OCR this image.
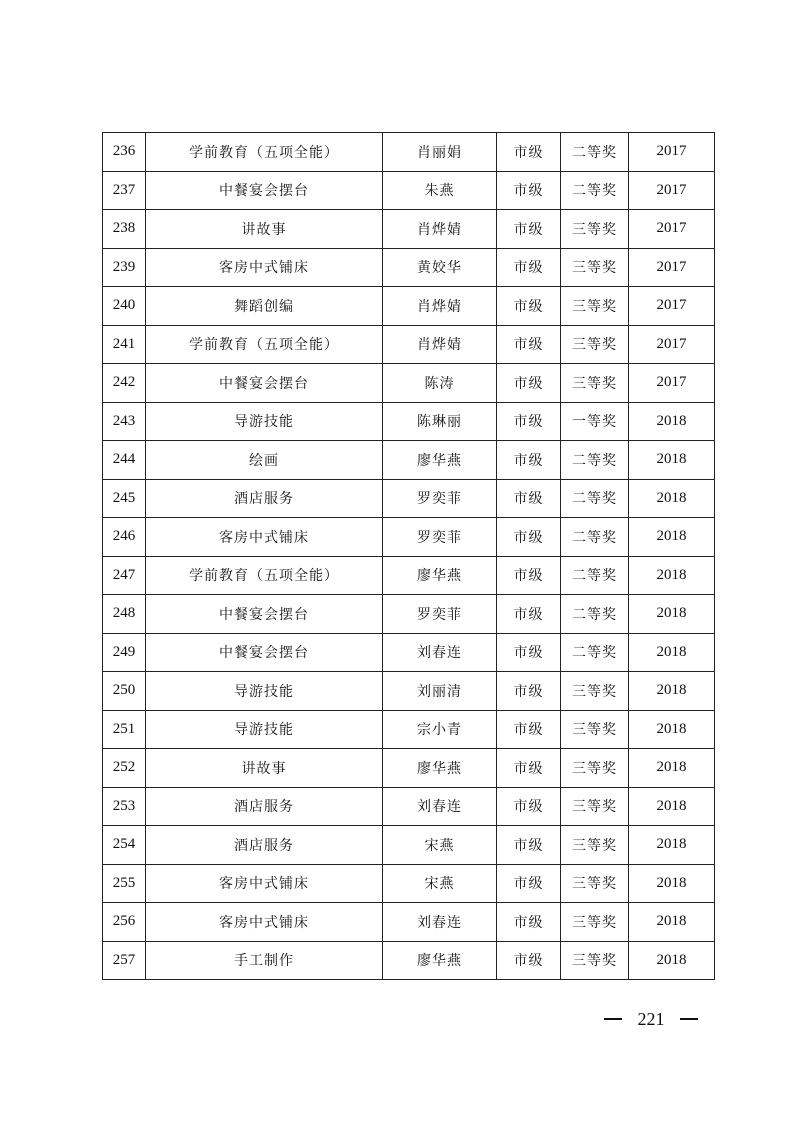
236	学前教育（五项全能）	肖丽娟	市级	二等奖	2017
237	中餐宴会摆台	朱燕	市级	二等奖	2017
238	讲故事	肖烨婧	市级	三等奖	2017
239	客房中式铺床	黄姣华	市级	三等奖	2017
240	舞蹈创编	肖烨婧	市级	三等奖	2017
241	学前教育（五项全能）	肖烨婧	市级	三等奖	2017
242	中餐宴会摆台	陈涛	市级	三等奖	2017
243	导游技能	陈琳丽	市级	一等奖	2018
244	绘画	廖华燕	市级	二等奖	2018
245	酒店服务	罗奕菲	市级	二等奖	2018
246	客房中式铺床	罗奕菲	市级	二等奖	2018
247	学前教育（五项全能）	廖华燕	市级	二等奖	2018
248	中餐宴会摆台	罗奕菲	市级	二等奖	2018
249	中餐宴会摆台	刘春连	市级	二等奖	2018
250	导游技能	刘丽清	市级	三等奖	2018
251	导游技能	宗小青	市级	三等奖	2018
252	讲故事	廖华燕	市级	三等奖	2018
253	酒店服务	刘春连	市级	三等奖	2018
254	酒店服务	宋燕	市级	三等奖	2018
255	客房中式铺床	宋燕	市级	三等奖	2018
256	客房中式铺床	刘春连	市级	三等奖	2018
257	手工制作	廖华燕	市级	三等奖	2018
221
